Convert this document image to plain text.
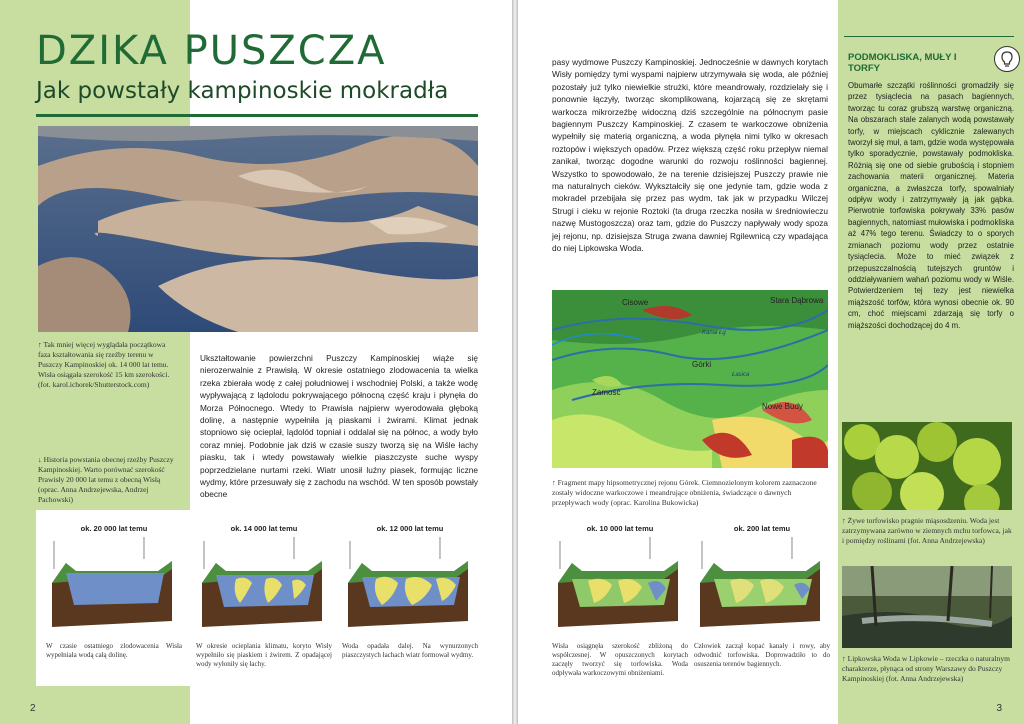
DZIKA PUSZCZA
Jak powstały kampinoskie mokradła
↑ Tak mniej więcej wyglądała początkowa faza kształtowania się rzeźby terenu w Puszczy Kampinoskiej ok. 14 000 lat temu. Wisła osiągała szerokość 15 km szerokości. (fot. karol.ichorek/Shutterstock.com)
↓ Historia powstania obecnej rzeźby Puszczy Kampinoskiej. Warto porównać szerokość Prawisły 20 000 lat temu z obecną Wisłą (oprac. Anna Andrzejewska, Andrzej Pachowski)
Ukształtowanie powierzchni Puszczy Kampinoskiej wiąże się nierozerwalnie z Prawisłą. W okresie ostatniego zlodowacenia ta wielka rzeka zbierała wodę z całej południowej i wschodniej Polski, a także wodę wypływającą z lądolodu pokrywającego północną część kraju i płynęła do Morza Północnego. Wtedy to Prawisła najpierw wyerodowała głęboką dolinę, a następnie wypełniła ją piaskami i żwirami. Klimat jednak stopniowo się ocieplał, lądolód topniał i oddalał się na północ, a wody było coraz mniej. Podobnie jak dziś w czasie suszy tworzą się na Wiśle łachy piasku, tak i wtedy powstawały wielkie piaszczyste suche wyspy poprzedzielane nurtami rzeki. Wiatr unosił luźny piasek, formując liczne wydmy, które przesuwały się z zachodu na wschód. W ten sposób powstały obecne
ok. 20 000 lat temu
W czasie ostatniego zlodowacenia Wisła wypełniała wodą całą dolinę.
ok. 14 000 lat temu
W okresie ocieplania klimatu, koryto Wisły wypełniło się piaskiem i żwirem. Z opadającej wody wyłoniły się łachy.
ok. 12 000 lat temu
Woda opadała dalej. Na wynurzonych piaszczystych łachach wiatr formował wydmy.
2
pasy wydmowe Puszczy Kampinoskiej. Jednocześnie w dawnych korytach Wisły pomiędzy tymi wyspami najpierw utrzymywała się woda, ale później pozostały już tylko niewielkie strużki, które meandrowały, rozdzielały się i ponownie łączyły, tworząc skomplikowaną, kojarzącą się ze skrętami warkocza mikrorzeźbę widoczną dziś szczególnie na północnym pasie bagiennym Puszczy Kampinoskiej. Z czasem te warkoczowe obniżenia wypełniły się materią organiczną, a woda płynęła nimi tylko w okresach roztopów i większych opadów. Przez większą część roku przepływ niemal zanikał, tworząc dogodne warunki do rozwoju roślinności bagiennej. Wszystko to spowodowało, że na terenie dzisiejszej Puszczy prawie nie ma naturalnych cieków. Wykształciły się one jedynie tam, gdzie woda z mokradeł przebijała się przez pas wydm, tak jak w przypadku Wilczej Strugi i cieku w rejonie Roztoki (ta druga rzeczka nosiła w średniowieczu nazwę Mustogoszcza) oraz tam, gdzie do Puszczy napływały wody spoza jej rejonu, np. dzisiejsza Struga zwana dawniej Rgilewnicą czy wpadająca do niej Lipkowska Woda.
Cisowe	Stara Dąbrowa
Kanał Łg
Górki
Łasica
Zamość
Nowe Budy
↑ Fragment mapy hipsometrycznej rejonu Górek. Ciemnozielonym kolorem zaznaczone zostały widoczne warkoczowe i meandrujące obniżenia, świadczące o dawnych przepływach wody (oprac. Karolina Bukowicka)
ok. 10 000 lat temu
Wisła osiągnęła szerokość zbliżoną do współczesnej. W opuszczonych korytach zaczęły tworzyć się torfowiska. Woda odpływała warkoczowymi obniżeniami.
ok. 200 lat temu
Człowiek zaczął kopać kanały i rowy, aby odwodnić torfowiska. Doprowadziło to do osuszenia terenów bagiennych.
PODMOKLISKA, MUŁY I TORFY
Obumarłe szczątki roślinności gromadziły się przez tysiąclecia na pasach bagiennych, tworząc tu coraz grubszą warstwę organiczną. Na obszarach stale zalanych wodą powstawały torfy, w miejscach cyklicznie zalewanych tworzył się muł, a tam, gdzie woda występowała tylko sporadycznie, powstawały podmokliska. Różnią się one od siebie grubością i stopniem zachowania materii organicznej. Materia organiczna, a zwłaszcza torfy, spowalniały odpływ wody i zatrzymywały ją jak gąbka. Pierwotnie torfowiska pokrywały 33% pasów bagiennych, natomiast mułowiska i podmokliska aż 47% tego terenu. Świadczy to o sporych zmianach poziomu wody przez ostatnie tysiąclecia. Może to mieć związek z przepuszczalnością tutejszych gruntów i oddziaływaniem wahań poziomu wody w Wiśle. Potwierdzeniem tej tezy jest niewielka miąższość torfów, która wynosi obecnie ok. 90 cm, choć miejscami zdarzają się torfy o miąższości dochodzącej do 4 m.
↑ Żywe torfowisko pragnie miąsosdzeniu. Woda jest zatrzymywana zarówno w ziemnych mchu torfowca, jak i pomiędzy roślinami (fot. Anna Andrzejewska)
↑ Lipkowska Woda w Lipkowie – rzeczka o naturalnym charakterze, płynąca od strony Warszawy do Puszczy Kampinoskiej (fot. Anna Andrzejewska)
3
